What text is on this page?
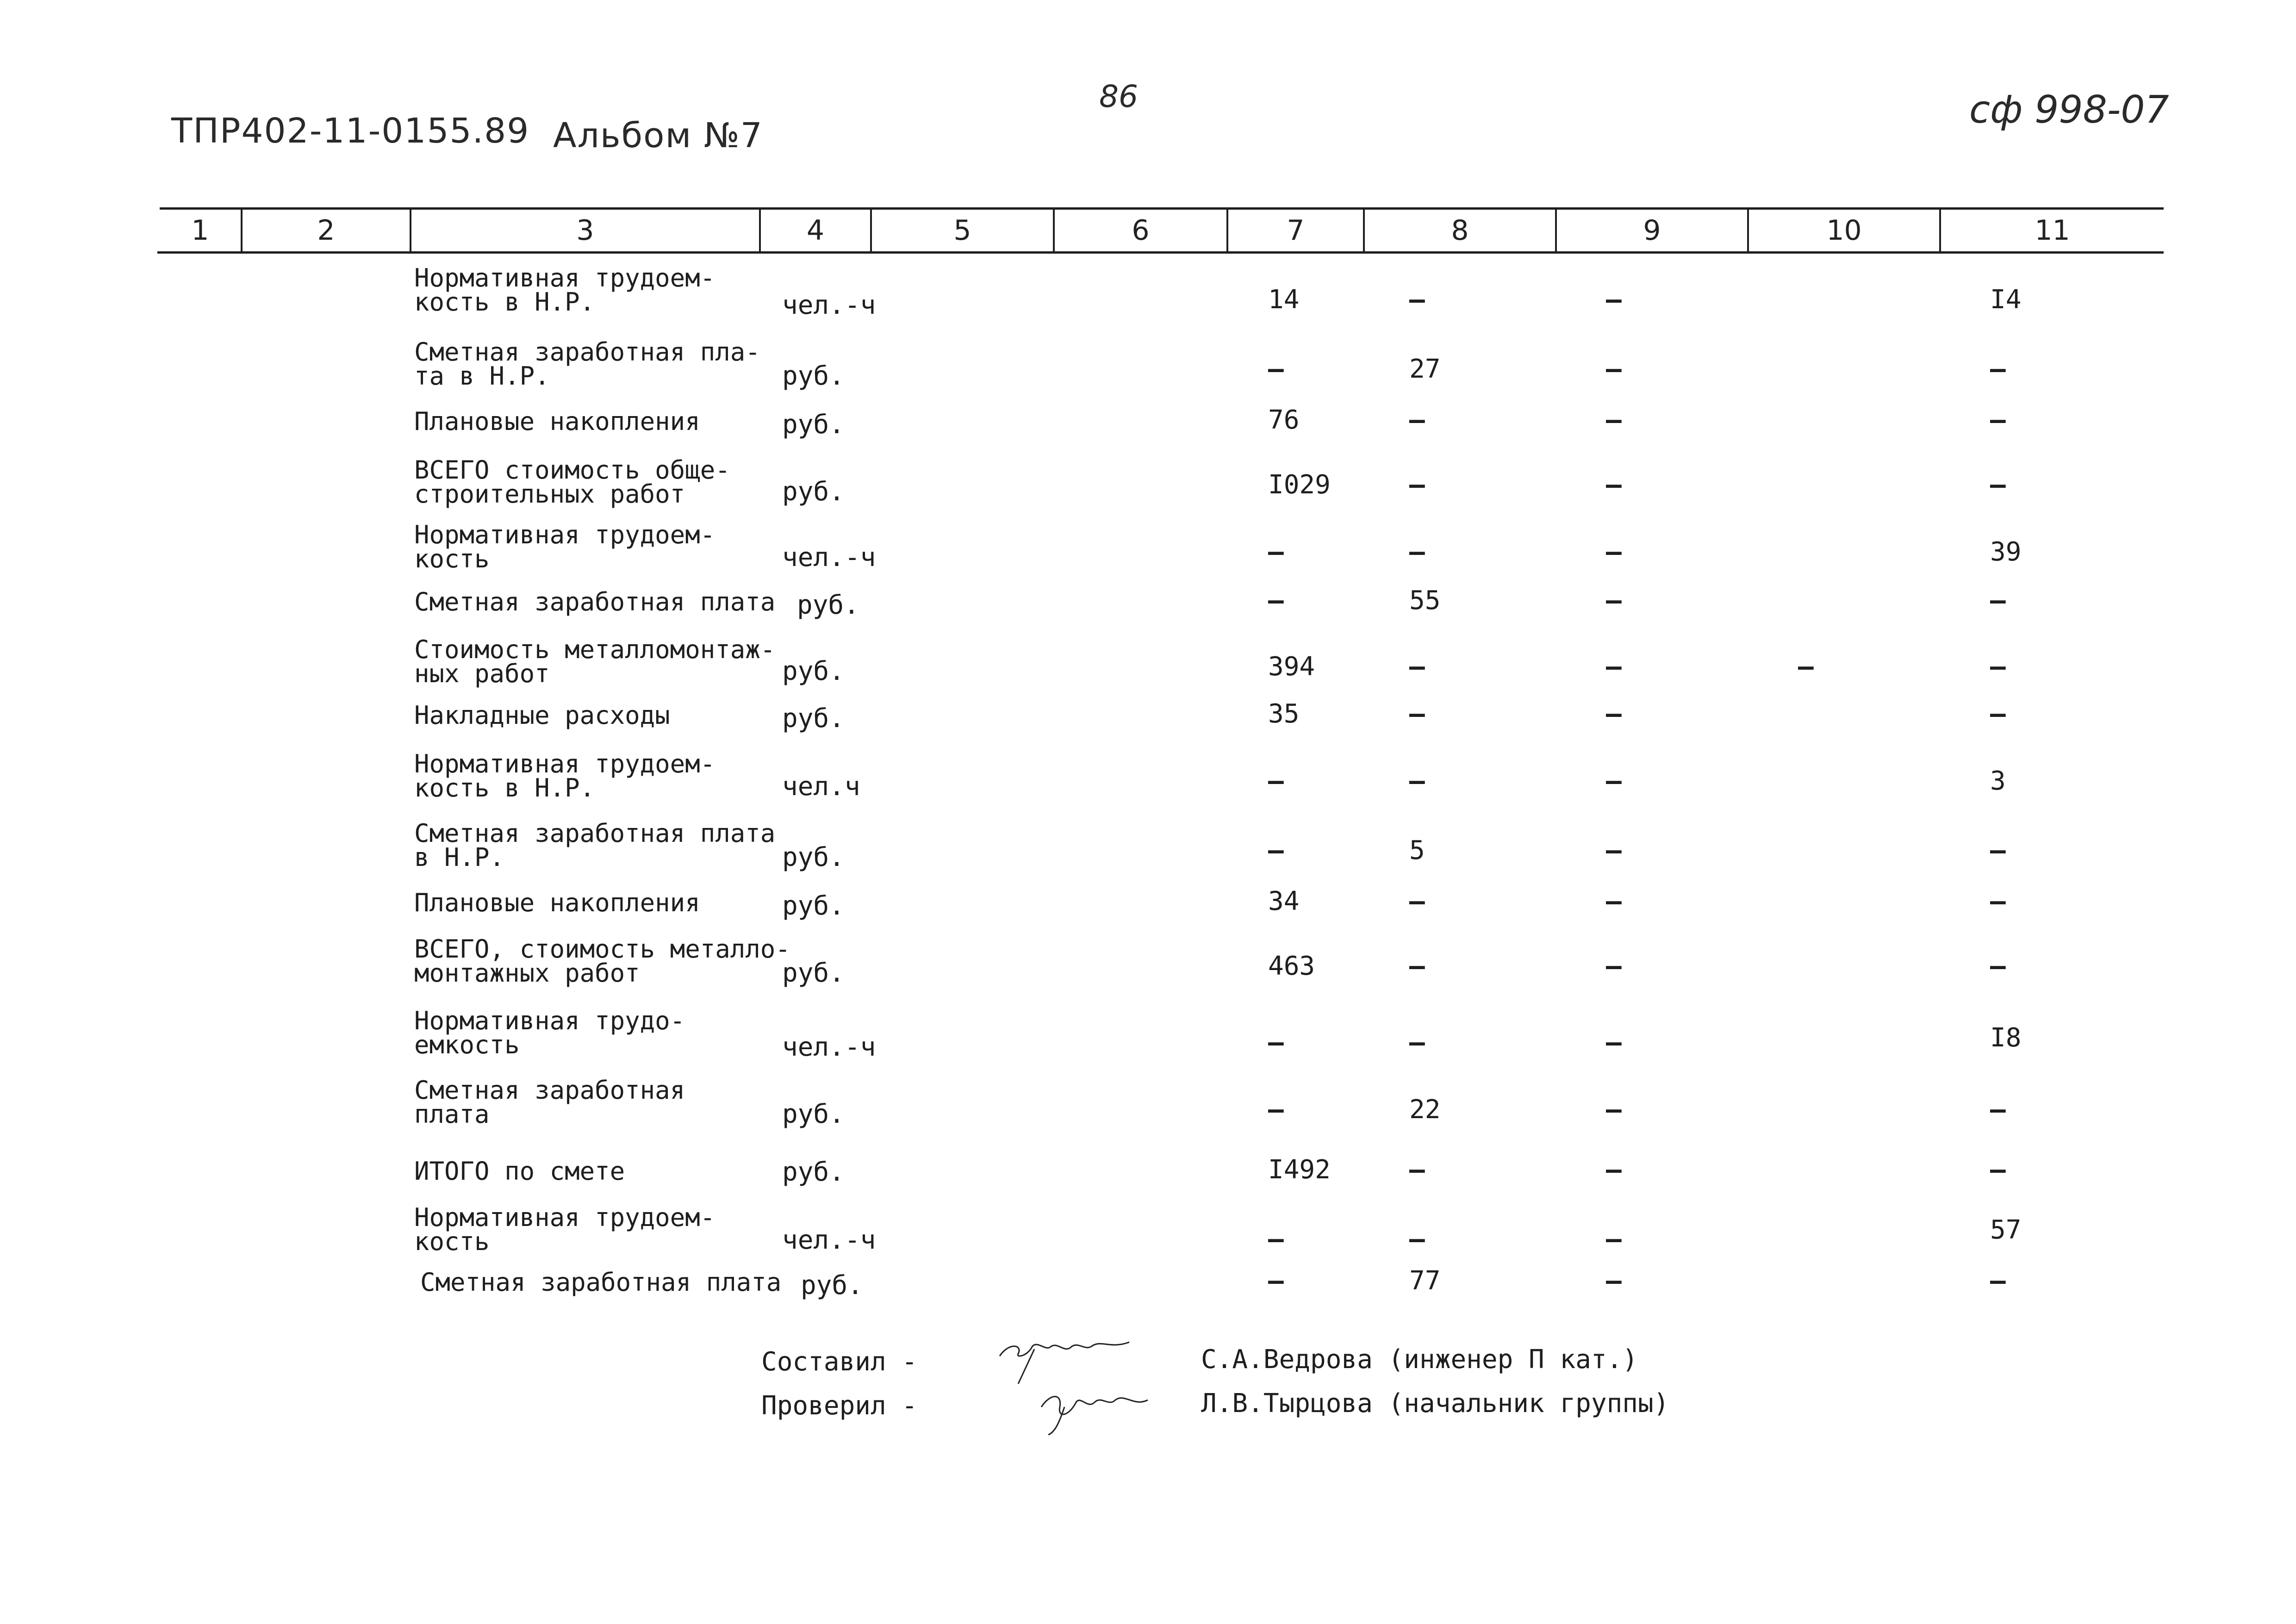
ТПР402-11-0155.89 Альбом №7
86	сф 998-07
1	2	3	4	5	6	7	8	9	10	11
Нормативная трудоем-
кость в Н.Р.	чел.-ч	14	–	–	I4
Сметная заработная пла-
та в Н.Р.	руб.	–	27	–	–
Плановые накопления	руб.	76	–	–	–
ВСЕГО стоимость обще-
строительных работ	руб.	I029	–	–	–
Нормативная трудоем-
кость	чел.-ч	–	–	–	39
Сметная заработная плата руб.	–	55	–	–
Стоимость металломонтаж-
ных работ	руб.	394	–	–	–	–
Накладные расходы	руб.	35	–	–	–
Нормативная трудоем-
кость в Н.Р.	чел.ч	–	–	–	3
Сметная заработная плата
в Н.Р.	руб.	–	5	–	–
Плановые накопления	руб.	34	–	–	–
ВСЕГО, стоимость металло-
монтажных работ	руб.	463	–	–	–
Нормативная трудо-
емкость	чел.-ч	–	–	–	I8
Сметная заработная
плата	руб.	–	22	–	–
ИТОГО по смете	руб.	I492	–	–	–
Нормативная трудоем-
кость	чел.-ч	–	–	–	57
Сметная заработная плата руб.	–	77	–	–
Составил -	С.А.Ведрова (инженер П кат.)
Проверил -	Л.В.Тырцова (начальник группы)
